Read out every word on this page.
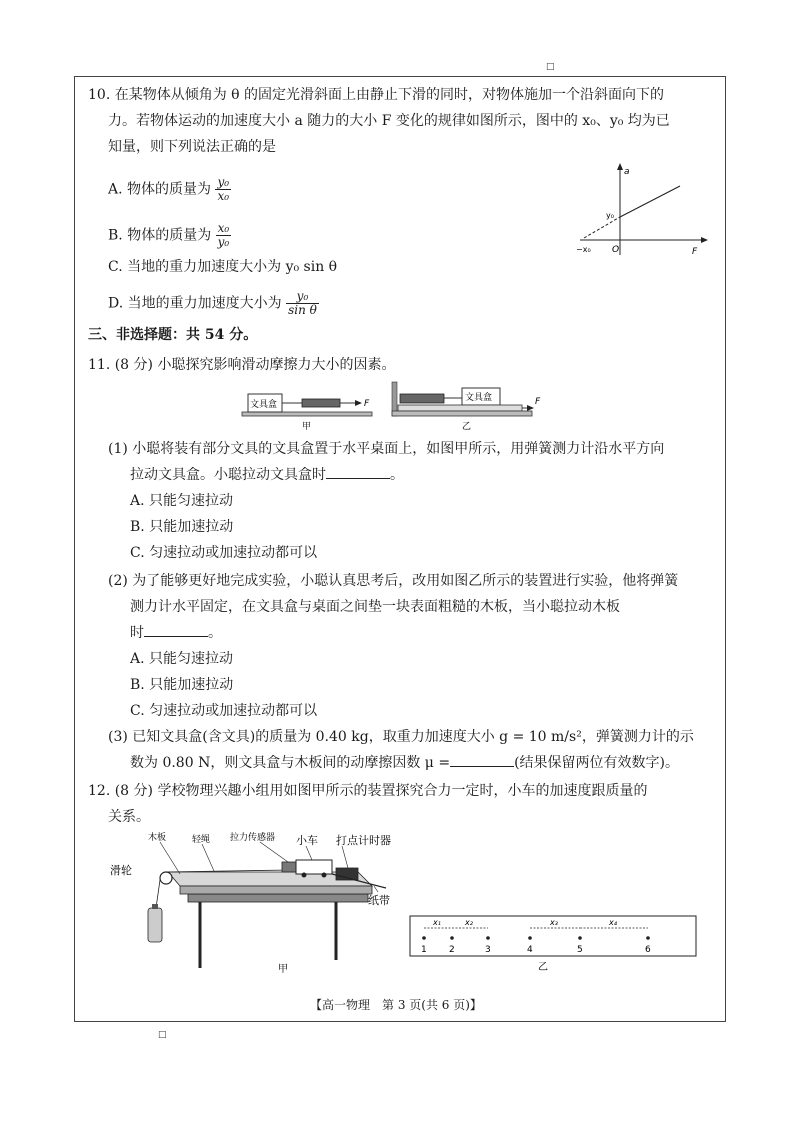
□
□
10. 在某物体从倾角为 θ 的固定光滑斜面上由静止下滑的同时，对物体施加一个沿斜面向下的
力。若物体运动的加速度大小 a 随力的大小 F 变化的规律如图所示，图中的 x₀、y₀ 均为已
知量，则下列说法正确的是
A. 物体的质量为 $\frac{\text{y₀}}{\text{x₀}}$
B. 物体的质量为 $\frac{\text{x₀}}{\text{y₀}}$
C. 当地的重力加速度大小为 y₀ sin θ
D. 当地的重力加速度大小为 $\frac{\text{y₀}}{\text{sin θ}}$
a
y₀
−x₀ O	F
三、非选择题：共 54 分。
11. (8 分) 小聪探究影响滑动摩擦力大小的因素。
文具盒	F
甲
文具盒	F
乙
(1) 小聪将装有部分文具的文具盒置于水平桌面上，如图甲所示，用弹簧测力计沿水平方向
拉动文具盒。小聪拉动文具盒时	。
A. 只能匀速拉动
B. 只能加速拉动
C. 匀速拉动或加速拉动都可以
(2) 为了能够更好地完成实验，小聪认真思考后，改用如图乙所示的装置进行实验，他将弹簧
测力计水平固定，在文具盒与桌面之间垫一块表面粗糙的木板，当小聪拉动木板
时	。
A. 只能匀速拉动
B. 只能加速拉动
C. 匀速拉动或加速拉动都可以
(3) 已知文具盒(含文具)的质量为 0.40 kg，取重力加速度大小 g = 10 m/s²，弹簧测力计的示
数为 0.80 N，则文具盒与木板间的动摩擦因数 μ =	(结果保留两位有效数字)。
12. (8 分) 学校物理兴趣小组用如图甲所示的装置探究合力一定时，小车的加速度跟质量的
关系。
木板	轻绳 拉力传感器 小车 打点计时器
滑轮
纸带
甲
1 2	3	4	5	6
x₁	x₂	x₃	x₄
乙
【高一物理　第 3 页(共 6 页)】
